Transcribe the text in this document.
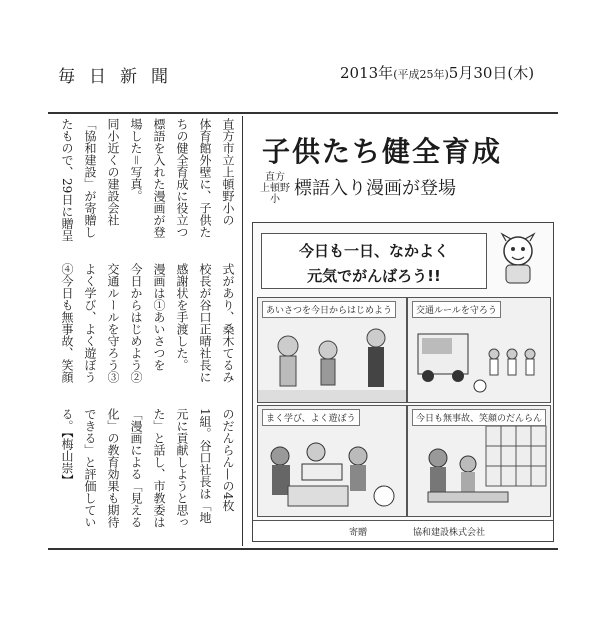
毎日新聞	2013年(平成25年)5月30日(木)
直方市立上頓野小の
体育館外壁に、子供た
ちの健全育成に役立つ
標語を入れた漫画が登
場した＝写真。
同小近くの建設会社
「協和建設」が寄贈し
たもので、29日に贈呈
式があり、桑木てるみ
校長が谷口正晴社長に
感謝状を手渡した。
漫画は①あいさつを
今日からはじめよう②
交通ルールを守ろう③
よく学び、よく遊ぼう
④今日も無事故、笑顔
のだんらん—の4枚
1組。谷口社長は「地
元に貢献しようと思っ
た」と話し、市教委は
「漫画による「見える
化」の教育効果も期待
できる」と評価してい
る。【梅山崇】
子供たち健全育成
直方 上頓野小
標語入り漫画が登場
今日も一日、なかよく
元気でがんばろう!!
あいさつを今日からはじめよう	交通ルールを守ろう
まく学び、よく遊ぼう	今日も無事故、笑顔のだんらん
寄贈	協和建設株式会社
